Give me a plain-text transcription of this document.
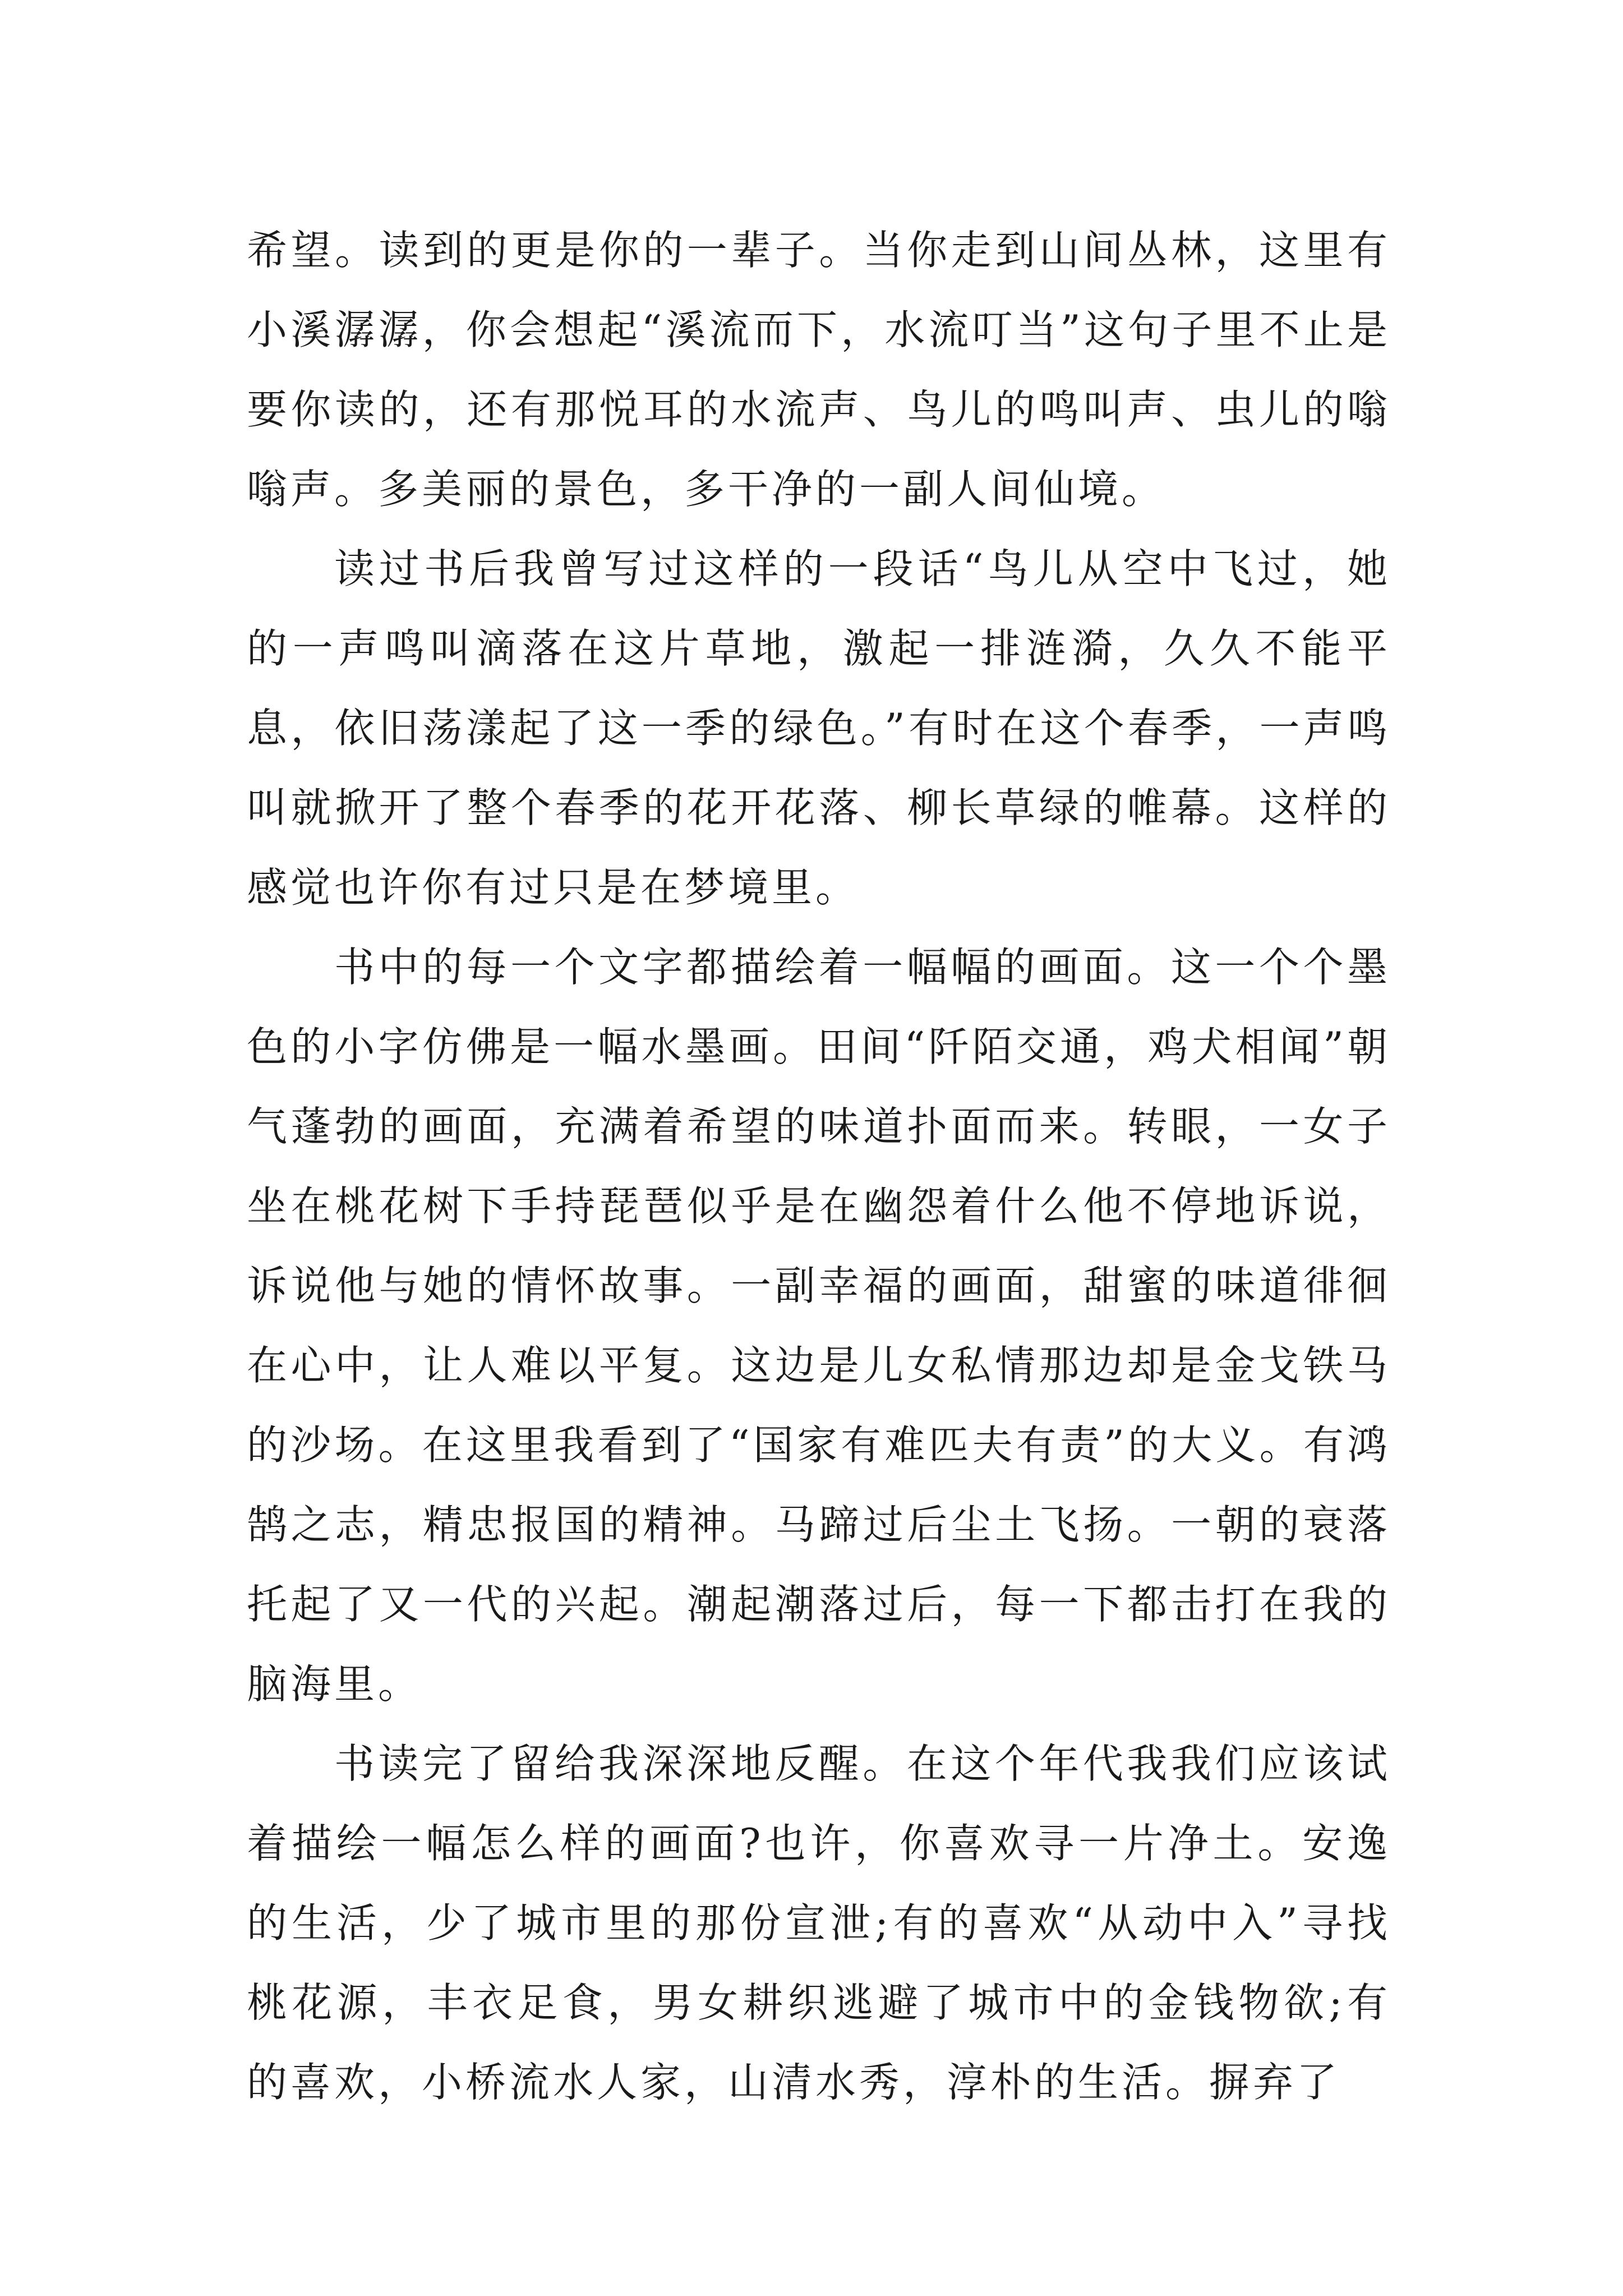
希望。读到的更是你的一辈子。当你走到山间丛林，这里有小溪潺潺，你会想起“溪流而下，水流叮当”这句子里不止是要你读的，还有那悦耳的水流声、鸟儿的鸣叫声、虫儿的嗡嗡声。多美丽的景色，多干净的一副人间仙境。

读过书后我曾写过这样的一段话“鸟儿从空中飞过，她的一声鸣叫滴落在这片草地，激起一排涟漪，久久不能平息，依旧荡漾起了这一季的绿色。”有时在这个春季，一声鸣叫就掀开了整个春季的花开花落、柳长草绿的帷幕。这样的感觉也许你有过只是在梦境里。

书中的每一个文字都描绘着一幅幅的画面。这一个个墨色的小字仿佛是一幅水墨画。田间“阡陌交通，鸡犬相闻”朝气蓬勃的画面，充满着希望的味道扑面而来。转眼，一女子坐在桃花树下手持琵琶似乎是在幽怨着什么他不停地诉说，诉说他与她的情怀故事。一副幸福的画面，甜蜜的味道徘徊在心中，让人难以平复。这边是儿女私情那边却是金戈铁马的沙场。在这里我看到了“国家有难匹夫有责”的大义。有鸿鹄之志，精忠报国的精神。马蹄过后尘土飞扬。一朝的衰落托起了又一代的兴起。潮起潮落过后，每一下都击打在我的脑海里。

书读完了留给我深深地反醒。在这个年代我我们应该试着描绘一幅怎么样的画面?也许，你喜欢寻一片净土。安逸的生活，少了城市里的那份宣泄;有的喜欢“从动中入”寻找桃花源，丰衣足食，男女耕织逃避了城市中的金钱物欲;有的喜欢，小桥流水人家，山清水秀，淳朴的生活。摒弃了
